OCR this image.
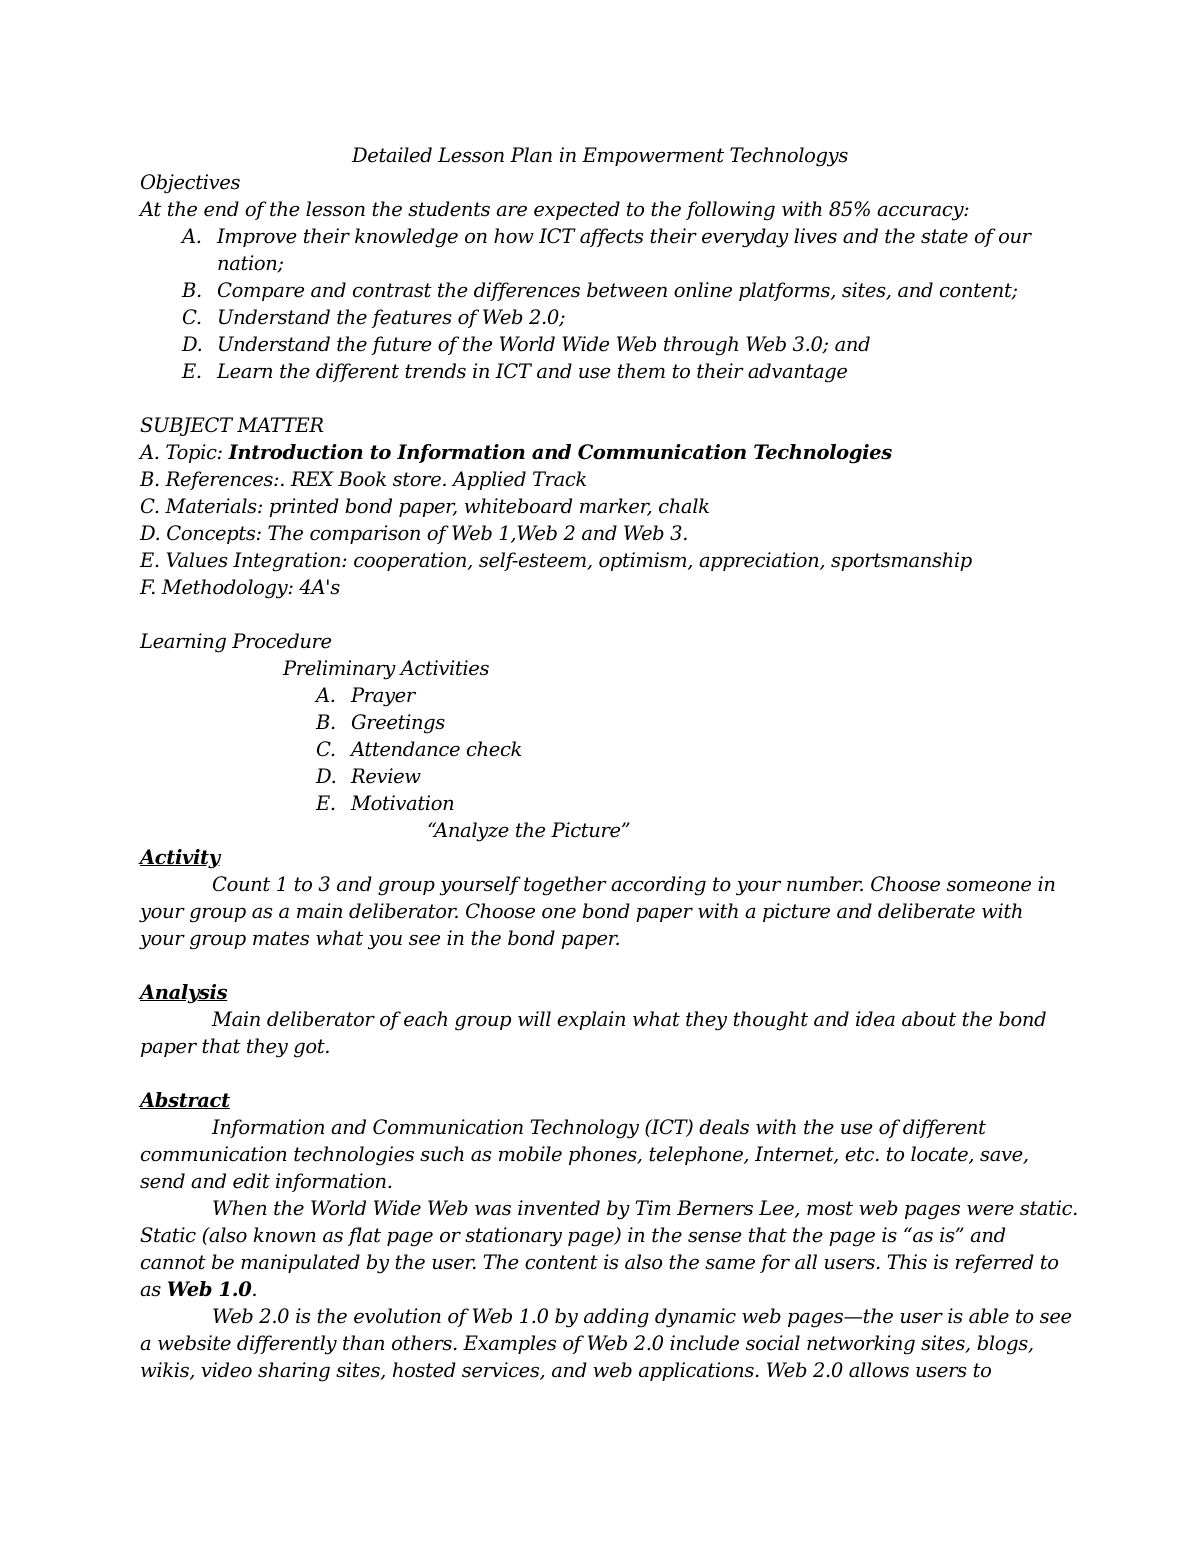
Detailed Lesson Plan in Empowerment Technologys
Objectives
At the end of the lesson the students are expected to the following with 85% accuracy:
A. Improve their knowledge on how ICT affects their everyday lives and the state of our
nation;
B. Compare and contrast the differences between online platforms, sites, and content;
C. Understand the features of Web 2.0;
D. Understand the future of the World Wide Web through Web 3.0; and
E. Learn the different trends in ICT and use them to their advantage
SUBJECT MATTER
A. Topic: Introduction to Information and Communication Technologies
B. References:. REX Book store. Applied Track
C. Materials: printed bond paper, whiteboard marker, chalk
D. Concepts: The comparison of Web 1,Web 2 and Web 3.
E. Values Integration: cooperation, self-esteem, optimism, appreciation, sportsmanship
F. Methodology: 4A's
Learning Procedure
Preliminary Activities
A. Prayer
B. Greetings
C. Attendance check
D. Review
E. Motivation
“Analyze the Picture”
Activity
Count 1 to 3 and group yourself together according to your number. Choose someone in
your group as a main deliberator. Choose one bond paper with a picture and deliberate with
your group mates what you see in the bond paper.
Analysis
Main deliberator of each group will explain what they thought and idea about the bond
paper that they got.
Abstract
Information and Communication Technology (ICT) deals with the use of different
communication technologies such as mobile phones, telephone, Internet, etc. to locate, save,
send and edit information.
When the World Wide Web was invented by Tim Berners Lee, most web pages were static.
Static (also known as flat page or stationary page) in the sense that the page is “as is” and
cannot be manipulated by the user. The content is also the same for all users. This is referred to
as Web 1.0.
Web 2.0 is the evolution of Web 1.0 by adding dynamic web pages—the user is able to see
a website differently than others. Examples of Web 2.0 include social networking sites, blogs,
wikis, video sharing sites, hosted services, and web applications. Web 2.0 allows users to
